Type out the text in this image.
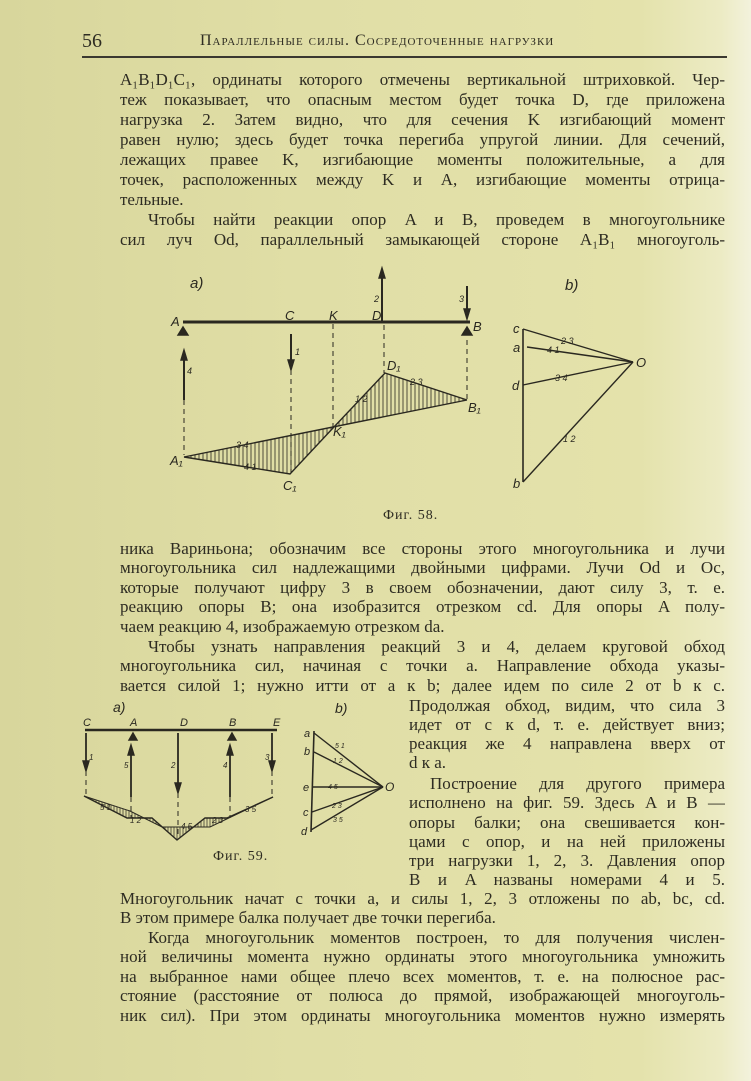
56	Параллельные силы. Сосредоточенные нагрузки
A₁B₁D₁C₁, ординаты которого отмечены вертикальной штриховкой. Чер-
теж показывает, что опасным местом будет точка D, где приложена
нагрузка 2. Затем видно, что для сечения K изгибающий момент
равен нулю; здесь будет точка перегиба упругой линии. Для сечений,
лежащих правее K, изгибающие моменты положительные, а для
точек, расположенных между K и A, изгибающие моменты отрица-
тельные.
Чтобы найти реакции опор A и B, проведем в многоугольнике
сил луч Od, параллельный замыкающей стороне A₁B₁ многоуголь-
ника Вариньона; обозначим все стороны этого многоугольника и лучи
многоугольника сил надлежащими двойными цифрами. Лучи Od и Oc,
которые получают цифру 3 в своем обозначении, дают силу 3, т. е.
реакцию опоры B; она изобразится отрезком cd. Для опоры A полу-
чаем реакцию 4, изображаемую отрезком da.
Чтобы узнать направления реакций 3 и 4, делаем круговой обход
многоугольника сил, начиная с точки a. Направление обхода указы-
вается силой 1; нужно итти от a к b; далее идем по силе 2 от b к c.
Продолжая обход, видим, что сила 3
идет от c к d, т. е. действует вниз;
реакция же 4 направлена вверх от
d к a.
Построение для другого примера
исполнено на фиг. 59. Здесь A и B —
опоры балки; она свешивается кон-
цами с опор, и на ней приложены
три нагрузки 1, 2, 3. Давления опор
B и A названы номерами 4 и 5.
Многоугольник начат с точки a, и силы 1, 2, 3 отложены по ab, bc, cd.
В этом примере балка получает две точки перегиба.
Когда многоугольник моментов построен, то для получения числен-
ной величины момента нужно ординаты этого многоугольника умножить
на выбранное нами общее плечо всех моментов, т. е. на полюсное рас-
стояние (расстояние от полюса до прямой, изображающей многоуголь-
ник сил). При этом ординаты многоугольника моментов нужно измерять
a)
A	C	K	D
B
A₁
C₁
K₁
D₁
B₁
1
2	3
4
3 4
4 1
1 2
2 3
b)
c
a
d
b
O
2 3
4 1
3 4
1 2
a)
C	A	D	B	E
1
5	2	4
3
5 1
1 2
4 5
2 3
3 5
b)
a
b
e
c
d
O
5 1
1 2
4 5
2 3
3 5
Фиг. 58.
Фиг. 59.
